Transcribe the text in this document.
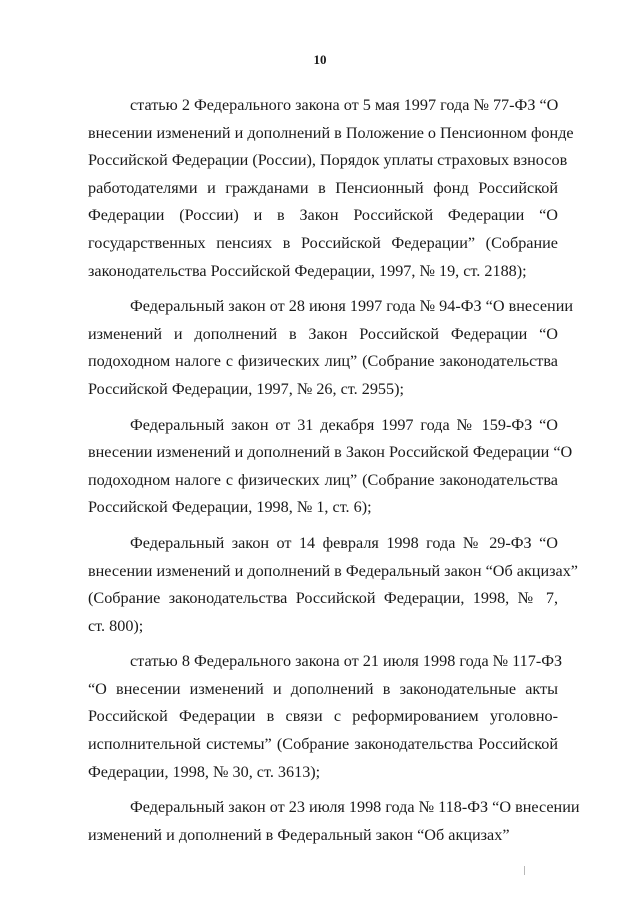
10

статью 2 Федерального закона от 5 мая 1997 года № 77-ФЗ “О
внесении изменений и дополнений в Положение о Пенсионном фонде
Российской Федерации (России), Порядок уплаты страховых взносов
работодателями и гражданами в Пенсионный фонд Российской
Федерации (России) и в Закон Российской Федерации “О
государственных пенсиях в Российской Федерации” (Собрание
законодательства Российской Федерации, 1997, № 19, ст. 2188);

Федеральный закон от 28 июня 1997 года № 94-ФЗ “О внесении
изменений и дополнений в Закон Российской Федерации “О
подоходном налоге с физических лиц” (Собрание законодательства
Российской Федерации, 1997, № 26, ст. 2955);

Федеральный закон от 31 декабря 1997 года № 159-ФЗ “О
внесении изменений и дополнений в Закон Российской Федерации “О
подоходном налоге с физических лиц” (Собрание законодательства
Российской Федерации, 1998, № 1, ст. 6);

Федеральный закон от 14 февраля 1998 года № 29-ФЗ “О
внесении изменений и дополнений в Федеральный закон “Об акцизах”
(Собрание законодательства Российской Федерации, 1998, № 7,
ст. 800);

статью 8 Федерального закона от 21 июля 1998 года № 117-ФЗ
“О внесении изменений и дополнений в законодательные акты
Российской Федерации в связи с реформированием уголовно-
исполнительной системы” (Собрание законодательства Российской
Федерации, 1998, № 30, ст. 3613);

Федеральный закон от 23 июля 1998 года № 118-ФЗ “О внесении
изменений и дополнений в Федеральный закон “Об акцизах”
